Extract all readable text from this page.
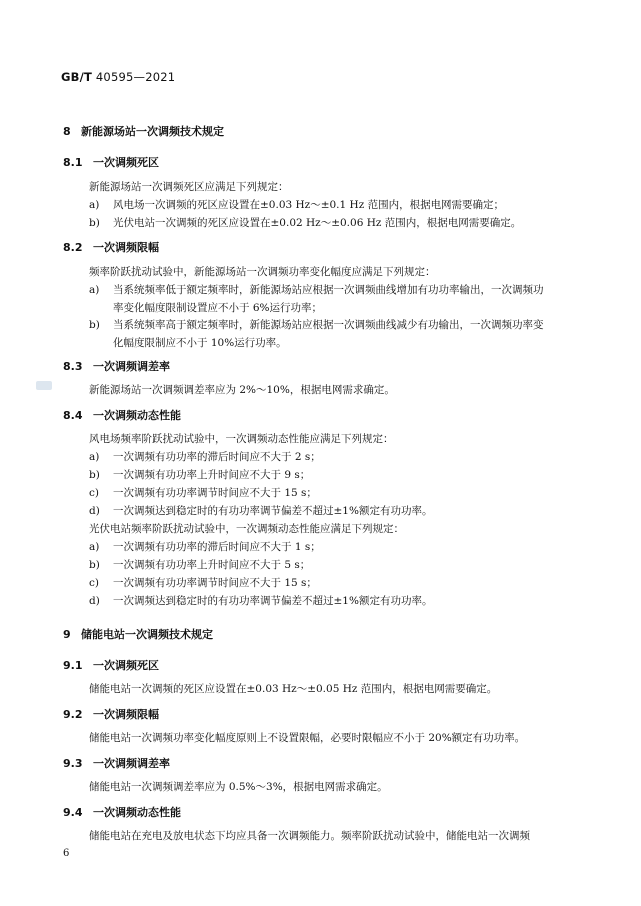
GB/T 40595—2021
8 新能源场站一次调频技术规定
8.1 一次调频死区
新能源场站一次调频死区应满足下列规定：
a) 风电场一次调频的死区应设置在±0.03 Hz～±0.1 Hz 范围内，根据电网需要确定；
b) 光伏电站一次调频的死区应设置在±0.02 Hz～±0.06 Hz 范围内，根据电网需要确定。
8.2 一次调频限幅
频率阶跃扰动试验中，新能源场站一次调频功率变化幅度应满足下列规定：
a) 当系统频率低于额定频率时，新能源场站应根据一次调频曲线增加有功功率输出，一次调频功
率变化幅度限制设置应不小于 6%运行功率；
b) 当系统频率高于额定频率时，新能源场站应根据一次调频曲线减少有功输出，一次调频功率变
化幅度限制应不小于 10%运行功率。
8.3 一次调频调差率
新能源场站一次调频调差率应为 2%～10%，根据电网需求确定。
8.4 一次调频动态性能
风电场频率阶跃扰动试验中，一次调频动态性能应满足下列规定：
a) 一次调频有功功率的滞后时间应不大于 2 s；
b) 一次调频有功功率上升时间应不大于 9 s；
c) 一次调频有功功率调节时间应不大于 15 s；
d) 一次调频达到稳定时的有功功率调节偏差不超过±1%额定有功功率。
光伏电站频率阶跃扰动试验中，一次调频动态性能应满足下列规定：
a) 一次调频有功功率的滞后时间应不大于 1 s；
b) 一次调频有功功率上升时间应不大于 5 s；
c) 一次调频有功功率调节时间应不大于 15 s；
d) 一次调频达到稳定时的有功功率调节偏差不超过±1%额定有功功率。
9 储能电站一次调频技术规定
9.1 一次调频死区
储能电站一次调频的死区应设置在±0.03 Hz～±0.05 Hz 范围内，根据电网需要确定。
9.2 一次调频限幅
储能电站一次调频功率变化幅度原则上不设置限幅，必要时限幅应不小于 20%额定有功功率。
9.3 一次调频调差率
储能电站一次调频调差率应为 0.5%～3%，根据电网需求确定。
9.4 一次调频动态性能
储能电站在充电及放电状态下均应具备一次调频能力。频率阶跃扰动试验中，储能电站一次调频
6
